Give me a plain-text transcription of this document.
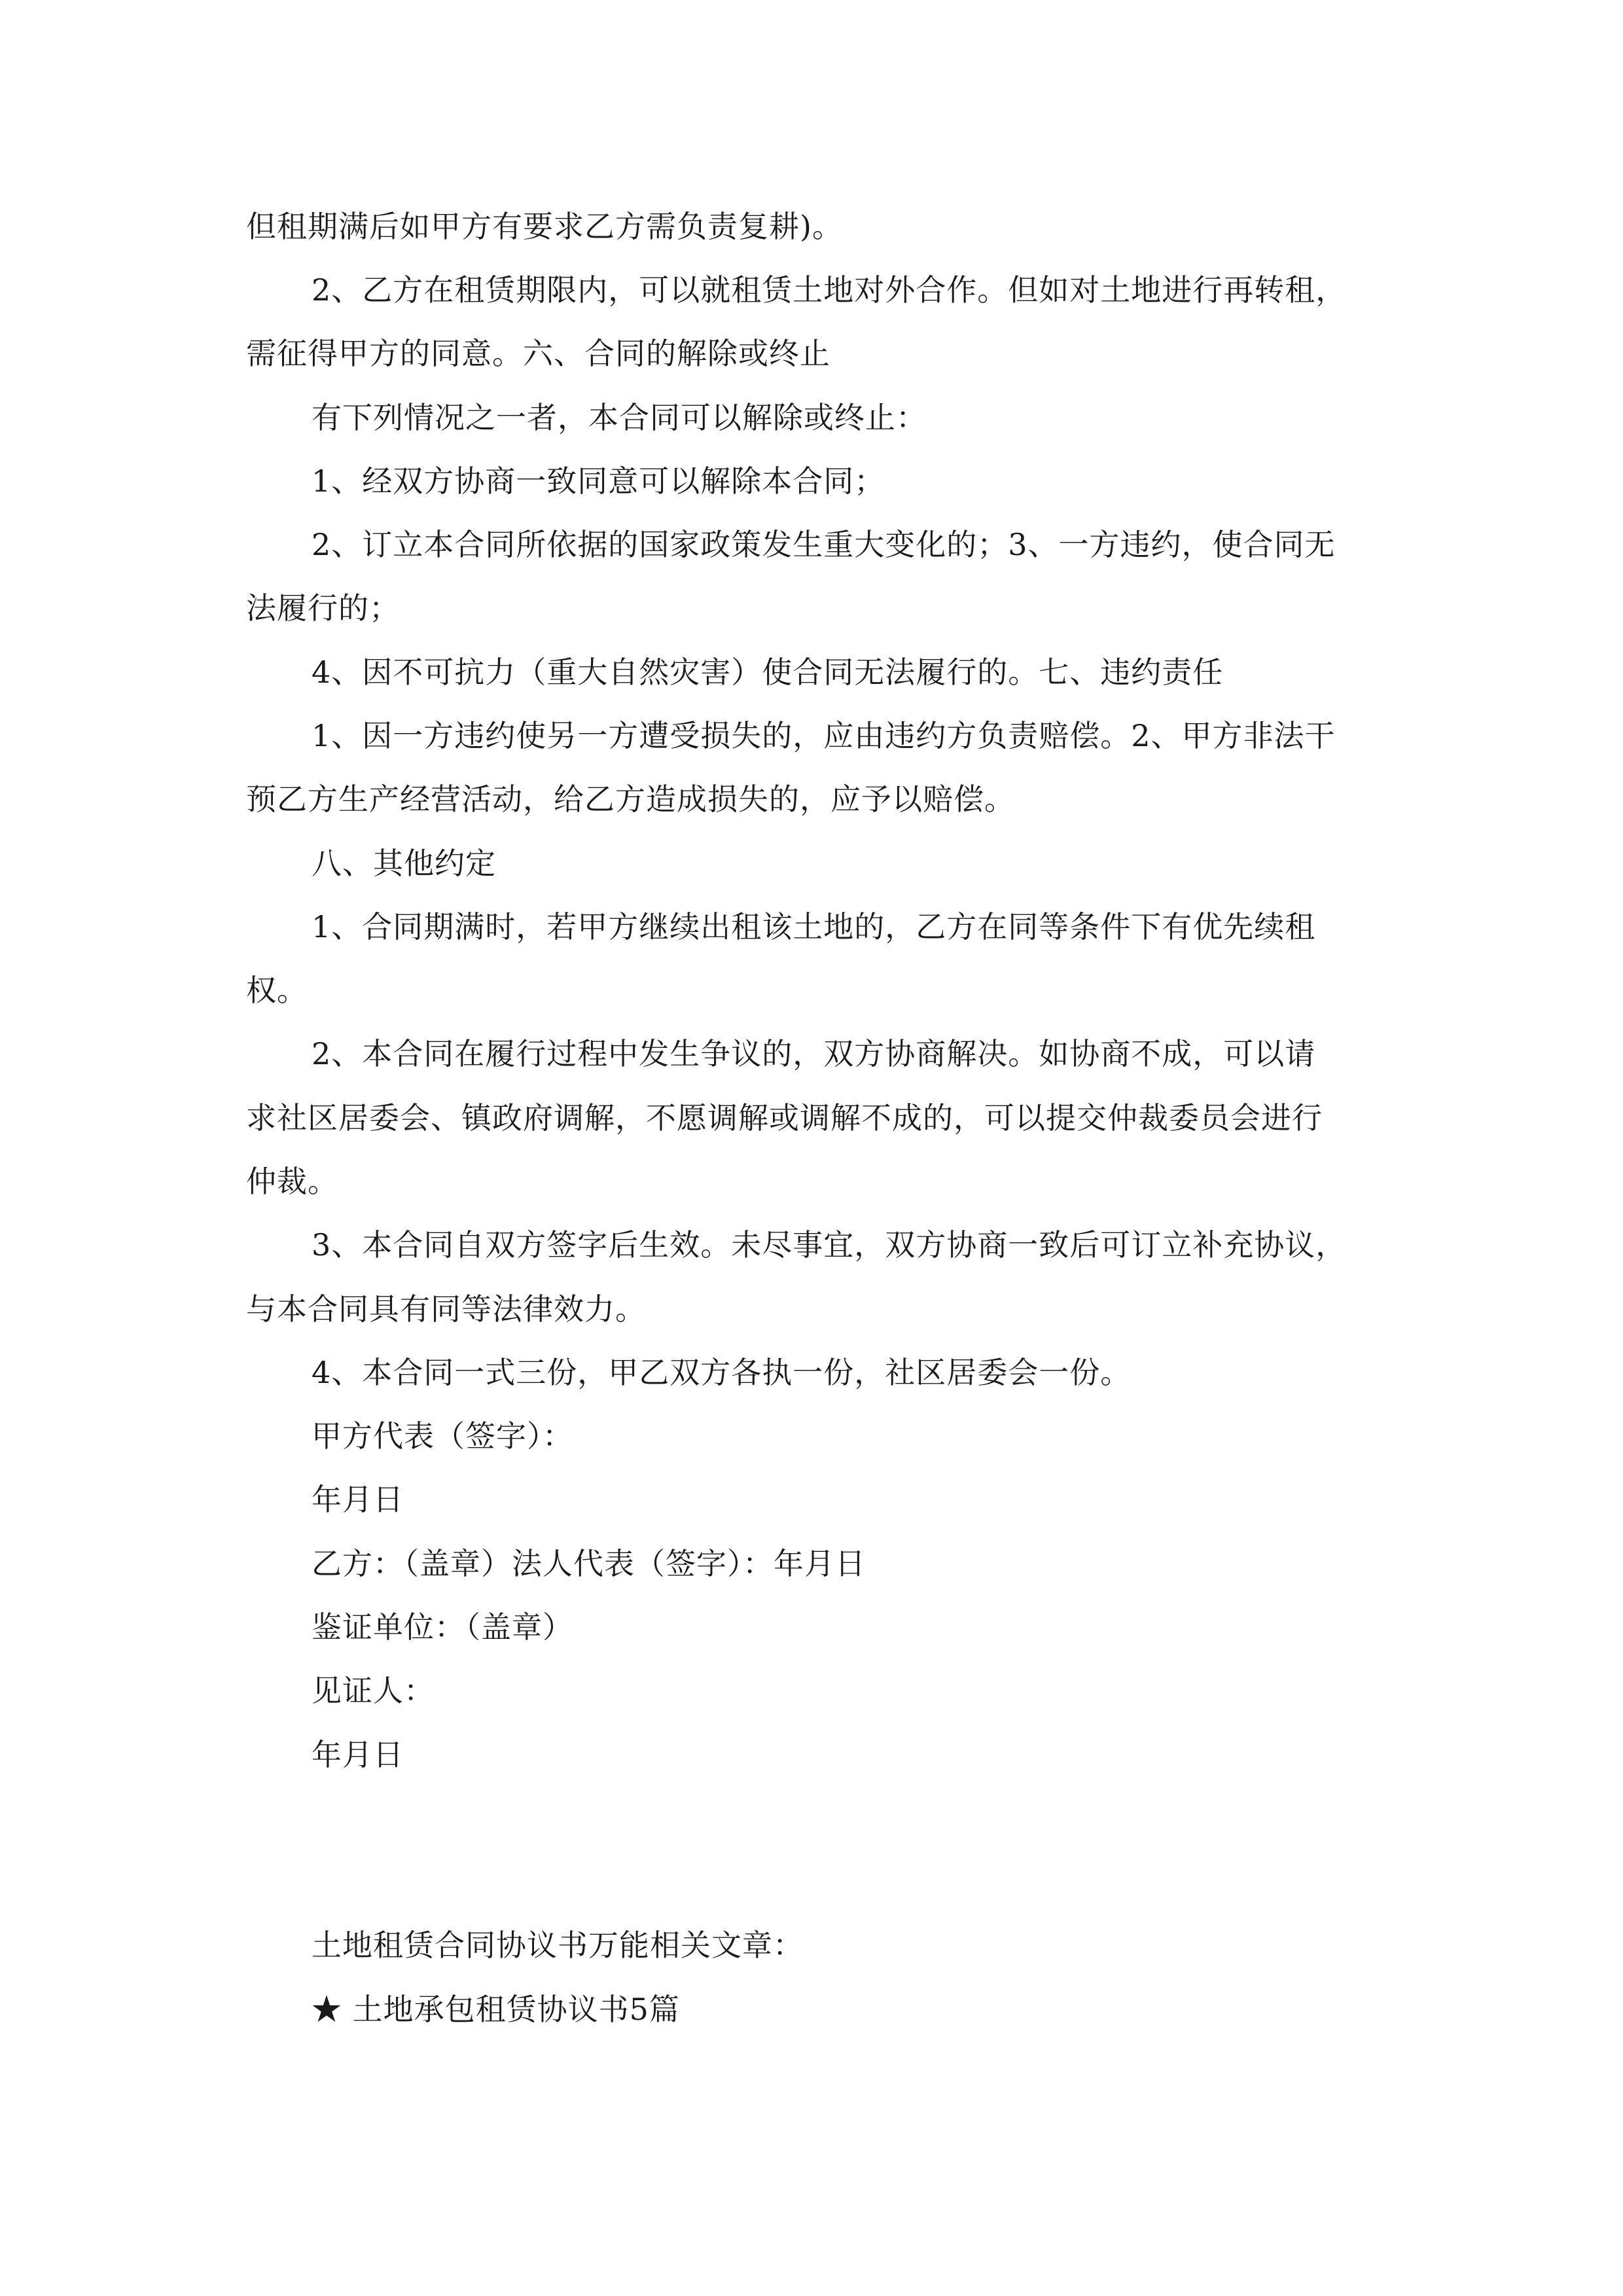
但租期满后如甲方有要求乙方需负责复耕)。
2、乙方在租赁期限内，可以就租赁土地对外合作。但如对土地进行再转租，
需征得甲方的同意。六、合同的解除或终止
有下列情况之一者，本合同可以解除或终止：
1、经双方协商一致同意可以解除本合同；
2、订立本合同所依据的国家政策发生重大变化的；3、一方违约，使合同无
法履行的；
4、因不可抗力（重大自然灾害）使合同无法履行的。七、违约责任
1、因一方违约使另一方遭受损失的，应由违约方负责赔偿。2、甲方非法干
预乙方生产经营活动，给乙方造成损失的，应予以赔偿。
八、其他约定
1、合同期满时，若甲方继续出租该土地的，乙方在同等条件下有优先续租
权。
2、本合同在履行过程中发生争议的，双方协商解决。如协商不成，可以请
求社区居委会、镇政府调解，不愿调解或调解不成的，可以提交仲裁委员会进行
仲裁。
3、本合同自双方签字后生效。未尽事宜，双方协商一致后可订立补充协议，
与本合同具有同等法律效力。
4、本合同一式三份，甲乙双方各执一份，社区居委会一份。
甲方代表（签字）：
年月日
乙方：（盖章）法人代表（签字）：年月日
鉴证单位：（盖章）
见证人：
年月日
土地租赁合同协议书万能相关文章：
★ 土地承包租赁协议书5篇
